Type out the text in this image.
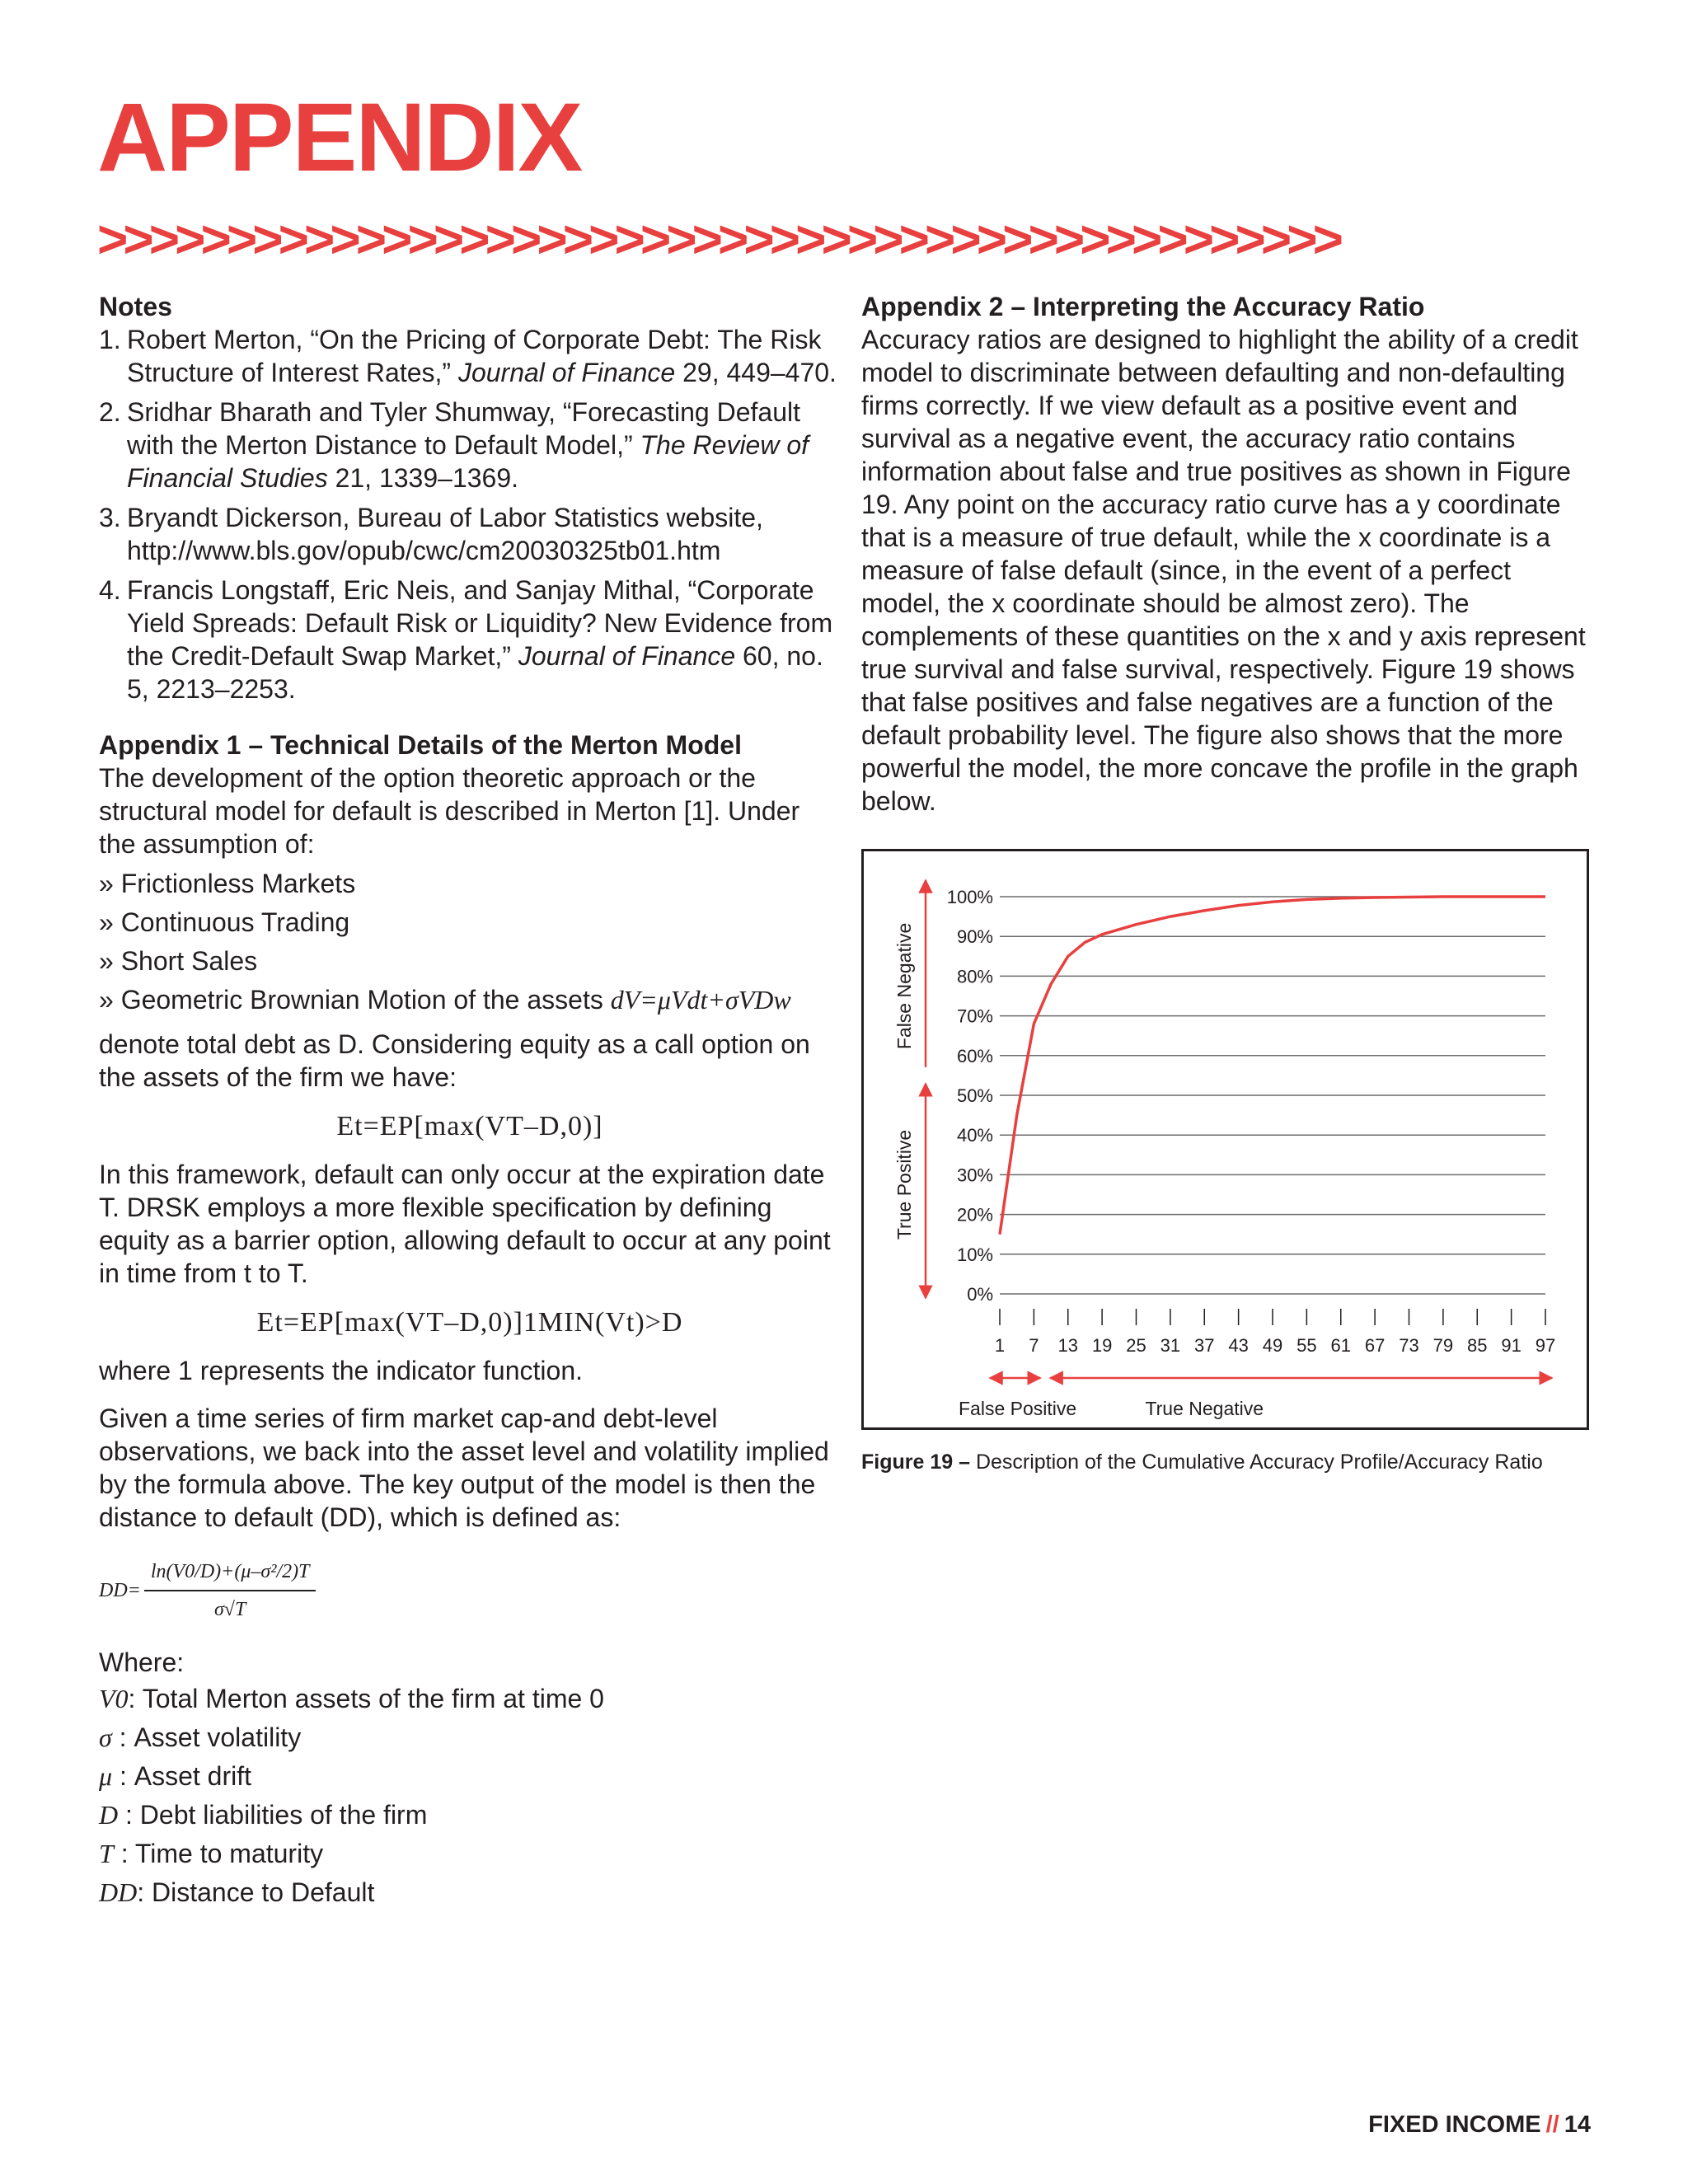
APPENDIX
>>>>>>>>>>>>>>>>>>>>>>>>>>>>>>>>>>>>>>>>>>>>>>>>
Notes
1. Robert Merton, “On the Pricing of Corporate Debt: The Risk Structure of Interest Rates,” Journal of Finance 29, 449–470.
2. Sridhar Bharath and Tyler Shumway, “Forecasting Default with the Merton Distance to Default Model,” The Review of Financial Studies 21, 1339–1369.
3. Bryandt Dickerson, Bureau of Labor Statistics website, http://www.bls.gov/opub/cwc/cm20030325tb01.htm
4. Francis Longstaff, Eric Neis, and Sanjay Mithal, “Corporate Yield Spreads: Default Risk or Liquidity? New Evidence from the Credit-Default Swap Market,” Journal of Finance 60, no. 5, 2213–2253.
Appendix 1 – Technical Details of the Merton Model

The development of the option theoretic approach or the structural model for default is described in Merton [1]. Under the assumption of:

» Frictionless Markets
» Continuous Trading
» Short Sales
» Geometric Brownian Motion of the assets dV=μVdt+σVDw

denote total debt as D. Considering equity as a call option on the assets of the firm we have:

Et=EP[max(VT–D,0)]

In this framework, default can only occur at the expiration date T. DRSK employs a more flexible specification by defining equity as a barrier option, allowing default to occur at any point in time from t to T.

Et=EP[max(VT–D,0)]1MIN(Vt)>D

where 1 represents the indicator function.

Given a time series of firm market cap-and debt-level observations, we back into the asset level and volatility implied by the formula above. The key output of the model is then the distance to default (DD), which is defined as:

$DD= \frac{\text{ln(V0/D)+(μ–σ²/2)T}}{\sigma√T}$

Where:

V0: Total Merton assets of the firm at time 0
σ : Asset volatility
μ : Asset drift
D : Debt liabilities of the firm
T : Time to maturity
DD: Distance to Default
Appendix 2 – Interpreting the Accuracy Ratio

Accuracy ratios are designed to highlight the ability of a credit model to discriminate between defaulting and non-defaulting firms correctly. If we view default as a positive event and survival as a negative event, the accuracy ratio contains information about false and true positives as shown in Figure 19. Any point on the accuracy ratio curve has a y coordinate that is a measure of true default, while the x coordinate is a measure of false default (since, in the event of a perfect model, the x coordinate should be almost zero). The complements of these quantities on the x and y axis represent true survival and false survival, respectively. Figure 19 shows that false positives and false negatives are a function of the default probability level. The figure also shows that the more powerful the model, the more concave the profile in the graph below.

0%
10%
20%
30%
40%
50%
60%
70%
80%
90%
100%
1 7 13 19 25 31 37 43 49 55 61 67 73 79 85 91 97
False Negative
True Positive
False Positive	True Negative
Figure 19 – Description of the Cumulative Accuracy Profile/Accuracy Ratio
FIXED INCOME // 14
